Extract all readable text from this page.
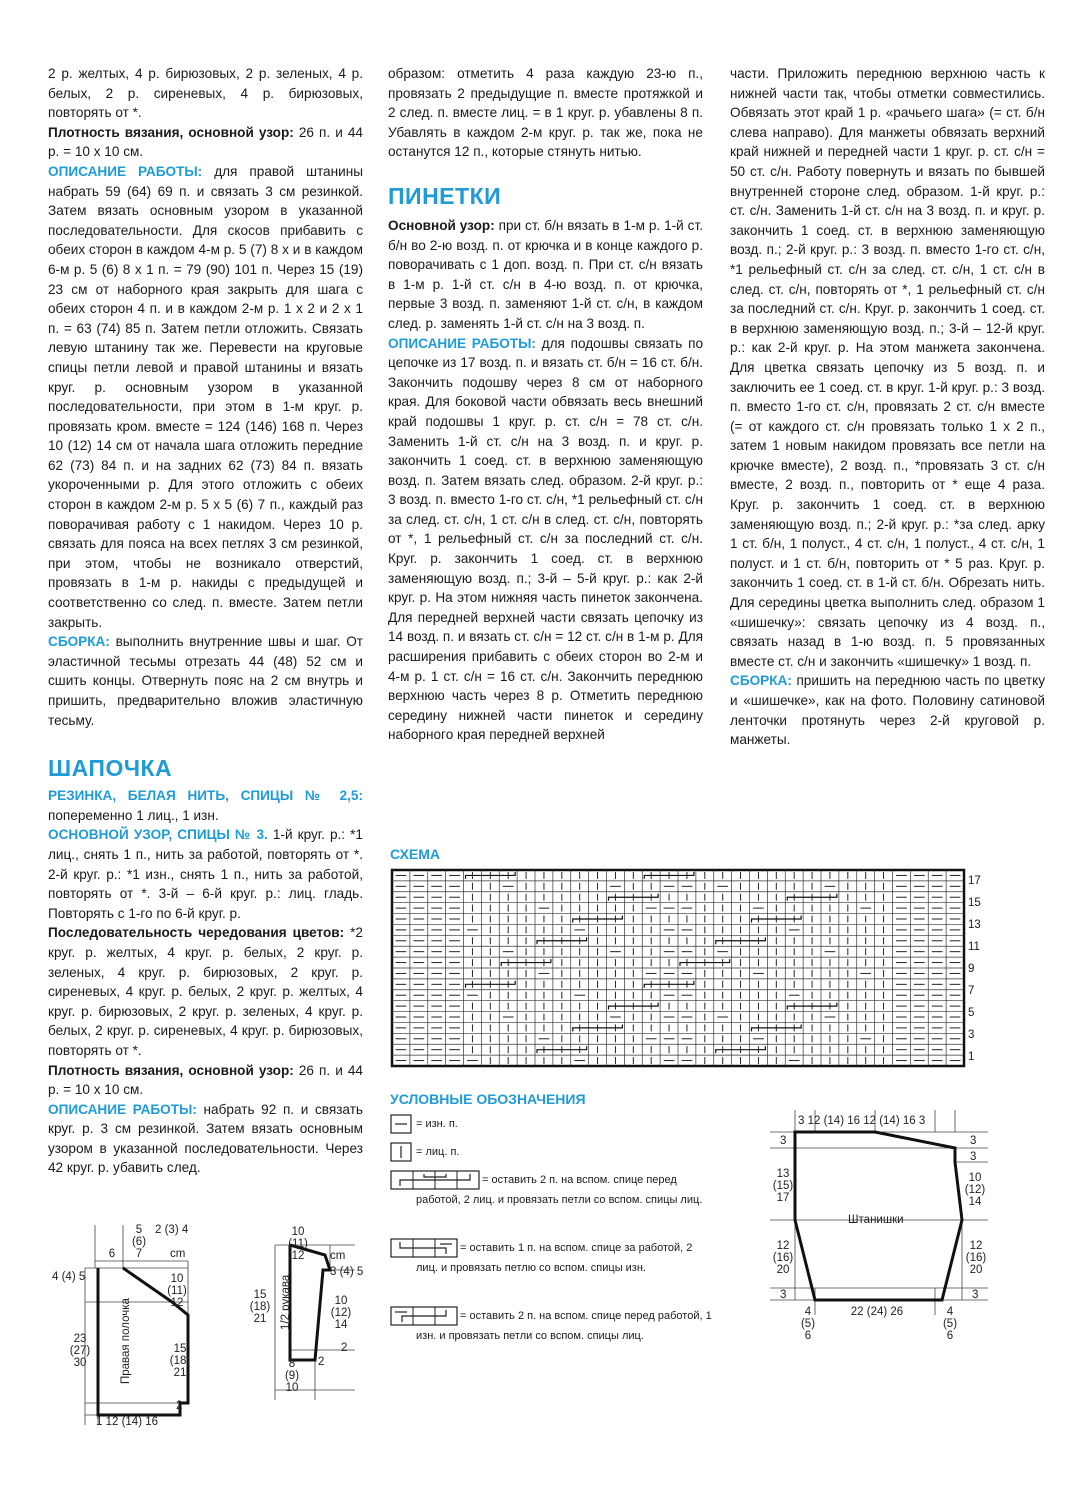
2 р. желтых, 4 р. бирюзовых, 2 р. зеленых, 4 р. белых, 2 р. сиреневых, 4 р. бирюзовых, повторять от *.

Плотность вязания, основной узор: 26 п. и 44 р. = 10 х 10 см.

ОПИСАНИЕ РАБОТЫ: для правой штанины набрать 59 (64) 69 п. и связать 3 см резинкой. Затем вязать основным узором в указанной последовательности. Для скосов прибавить с обеих сторон в каждом 4-м р. 5 (7) 8 х и в каждом 6-м р. 5 (6) 8 х 1 п. = 79 (90) 101 п. Через 15 (19) 23 см от наборного края закрыть для шага с обеих сторон 4 п. и в каждом 2-м р. 1 х 2 и 2 х 1 п. = 63 (74) 85 п. Затем петли отложить. Связать левую штанину так же. Перевести на круговые спицы петли левой и правой штанины и вязать круг. р. основным узором в указанной последовательности, при этом в 1-м круг. р. провязать кром. вместе = 124 (146) 168 п. Через 10 (12) 14 см от начала шага отложить передние 62 (73) 84 п. и на задних 62 (73) 84 п. вязать укороченными р. Для этого отложить с обеих сторон в каждом 2-м р. 5 х 5 (6) 7 п., каждый раз поворачивая работу с 1 накидом. Через 10 р. связать для пояса на всех петлях 3 см резинкой, при этом, чтобы не возникало отверстий, провязать в 1-м р. накиды с предыдущей и соответственно со след. п. вместе. Затем петли закрыть.

СБОРКА: выполнить внутренние швы и шаг. От эластичной тесьмы отрезать 44 (48) 52 см и сшить концы. Отвернуть пояс на 2 см внутрь и пришить, предварительно вложив эластичную тесьму.

ШАПОЧКА

РЕЗИНКА, БЕЛАЯ НИТЬ, СПИЦЫ № 2,5: попеременно 1 лиц., 1 изн.

ОСНОВНОЙ УЗОР, СПИЦЫ № 3. 1-й круг. р.: *1 лиц., снять 1 п., нить за работой, повторять от *. 2-й круг. р.: *1 изн., снять 1 п., нить за работой, повторять от *. 3-й – 6-й круг. р.: лиц. гладь. Повторять с 1-го по 6-й круг. р.

Последовательность чередования цветов: *2 круг. р. желтых, 4 круг. р. белых, 2 круг. р. зеленых, 4 круг. р. бирюзовых, 2 круг. р. сиреневых, 4 круг. р. белых, 2 круг. р. желтых, 4 круг. р. бирюзовых, 2 круг. р. зеленых, 4 круг. р. белых, 2 круг. р. сиреневых, 4 круг. р. бирюзовых, повторять от *.

Плотность вязания, основной узор: 26 п. и 44 р. = 10 х 10 см.

ОПИСАНИЕ РАБОТЫ: набрать 92 п. и связать круг. р. 3 см резинкой. Затем вязать основным узором в указанной последовательности. Через 42 круг. р. убавить след.

образом: отметить 4 раза каждую 23-ю п., провязать 2 предыдущие п. вместе протяжкой и 2 след. п. вместе лиц. = в 1 круг. р. убавлены 8 п. Убавлять в каждом 2-м круг. р. так же, пока не останутся 12 п., которые стянуть нитью.

ПИНЕТКИ

Основной узор: при ст. б/н вязать в 1-м р. 1-й ст. б/н во 2-ю возд. п. от крючка и в конце каждого р. поворачивать с 1 доп. возд. п. При ст. с/н вязать в 1-м р. 1-й ст. с/н в 4-ю возд. п. от крючка, первые 3 возд. п. заменяют 1-й ст. с/н, в каждом след. р. заменять 1-й ст. с/н на 3 возд. п.

ОПИСАНИЕ РАБОТЫ: для подошвы связать по цепочке из 17 возд. п. и вязать ст. б/н = 16 ст. б/н. Закончить подошву через 8 см от наборного края. Для боковой части обвязать весь внешний край подошвы 1 круг. р. ст. с/н = 78 ст. с/н. Заменить 1-й ст. с/н на 3 возд. п. и круг. р. закончить 1 соед. ст. в верхнюю заменяющую возд. п. Затем вязать след. образом. 2-й круг. р.: 3 возд. п. вместо 1-го ст. с/н, *1 рельефный ст. с/н за след. ст. с/н, 1 ст. с/н в след. ст. с/н, повторять от *, 1 рельефный ст. с/н за последний ст. с/н. Круг. р. закончить 1 соед. ст. в верхнюю заменяющую возд. п.; 3-й – 5-й круг. р.: как 2-й круг. р. На этом нижняя часть пинеток закончена. Для передней верхней части связать цепочку из 14 возд. п. и вязать ст. с/н = 12 ст. с/н в 1-м р. Для расширения прибавить с обеих сторон во 2-м и 4-м р. 1 ст. с/н = 16 ст. с/н. Закончить переднюю верхнюю часть через 8 р. Отметить переднюю середину нижней части пинеток и середину наборного края передней верхней

части. Приложить переднюю верхнюю часть к нижней части так, чтобы отметки совместились. Обвязать этот край 1 р. «рачьего шага» (= ст. б/н слева направо). Для манжеты обвязать верхний край нижней и передней части 1 круг. р. ст. с/н = 50 ст. с/н. Работу повернуть и вязать по бывшей внутренней стороне след. образом. 1-й круг. р.: ст. с/н. Заменить 1-й ст. с/н на 3 возд. п. и круг. р. закончить 1 соед. ст. в верхнюю заменяющую возд. п.; 2-й круг. р.: 3 возд. п. вместо 1-го ст. с/н, *1 рельефный ст. с/н за след. ст. с/н, 1 ст. с/н в след. ст. с/н, повторять от *, 1 рельефный ст. с/н за последний ст. с/н. Круг. р. закончить 1 соед. ст. в верхнюю заменяющую возд. п.; 3-й – 12-й круг. р.: как 2-й круг. р. На этом манжета закончена. Для цветка связать цепочку из 5 возд. п. и заключить ее 1 соед. ст. в круг. 1-й круг. р.: 3 возд. п. вместо 1-го ст. с/н, провязать 2 ст. с/н вместе (= от каждого ст. с/н провязать только 1 х 2 п., затем 1 новым накидом провязать все петли на крючке вместе), 2 возд. п., *провязать 3 ст. с/н вместе, 2 возд. п., повторить от * еще 4 раза. Круг. р. закончить 1 соед. ст. в верхнюю заменяющую возд. п.; 2-й круг. р.: *за след. арку 1 ст. б/н, 1 полуст., 4 ст. с/н, 1 полуст., 4 ст. с/н, 1 полуст. и 1 ст. б/н, повторить от * 5 раз. Круг. р. закончить 1 соед. ст. в 1-й ст. б/н. Обрезать нить. Для середины цветка выполнить след. образом 1 «шишечку»: связать цепочку из 4 возд. п., связать назад в 1-ю возд. п. 5 провязанных вместе ст. с/н и закончить «шишечку» 1 возд. п.

СБОРКА: пришить на переднюю часть по цветку и «шишечке», как на фото. Половину сатиновой ленточки протянуть через 2-й круговой р. манжеты.

СХЕМА
17
15
13
11
9
7
5
3
1
УСЛОВНЫЕ ОБОЗНАЧЕНИЯ
= изн. п.
= лиц. п.
= оставить 2 п. на вспом. спице перед работой, 2 лиц. и провязать петли со вспом. спицы лиц.
= оставить 1 п. на вспом. спице за работой, 2 лиц. и провязать петлю со вспом. спицы изн.
= оставить 2 п. на вспом. спице перед работой, 1 изн. и провязать петли со вспом. спицы лиц.
5
(6)
7
2 (3) 4
6	cm
4 (4) 5	10
(11)
12
23
(27)
30
15
(18)
21
Правая полочка
2
1 12 (14) 16
10
(11)
12 cm
3 (4) 5
15
(18)
21 1/2 рукава	10
(12)
14
2
2
8
(9)
10
3 12 (14) 16 12 (14) 16 3
3	3
3
13
(15)
17
10
(12)
14
Штанишки
12
(16)
20
12
(16)
20
3	3
4
(5)
6
22 (24) 26	4
(5)
6
